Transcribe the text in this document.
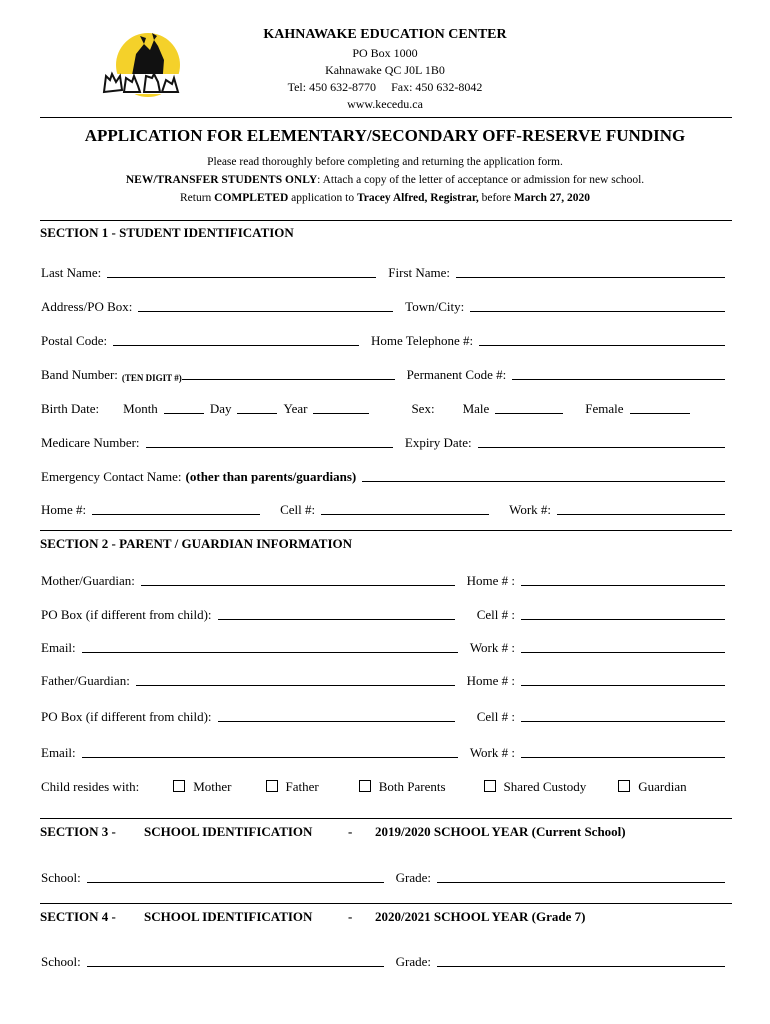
KAHNAWAKE EDUCATION CENTER
PO Box 1000
Kahnawake QC J0L 1B0
Tel: 450 632-8770 Fax: 450 632-8042
www.kecedu.ca
APPLICATION FOR ELEMENTARY/SECONDARY OFF-RESERVE FUNDING
Please read thoroughly before completing and returning the application form.
NEW/TRANSFER STUDENTS ONLY: Attach a copy of the letter of acceptance or admission for new school.
Return COMPLETED application to Tracey Alfred, Registrar, before March 27, 2020
SECTION 1 - STUDENT IDENTIFICATION
Last Name:	First Name:
Address/PO Box:	Town/City:
Postal Code:	Home Telephone #:
Band Number: (TEN DIGIT #)	Permanent Code #:
Birth Date: Month	Day	Year	Sex: Male	Female
Medicare Number:	Expiry Date:
Emergency Contact Name: (other than parents/guardians)
Home #:	Cell #:	Work #:
SECTION 2 - PARENT / GUARDIAN INFORMATION
Mother/Guardian:	Home # :
PO Box (if different from child):	Cell # :
Email:	Work # :
Father/Guardian:	Home # :
PO Box (if different from child):	Cell # :
Email:	Work # :
Child resides with:	Mother	Father	Both Parents	Shared Custody	Guardian
SECTION 3 - SCHOOL IDENTIFICATION	- 2019/2020 SCHOOL YEAR (Current School)
School:	Grade:
SECTION 4 - SCHOOL IDENTIFICATION	- 2020/2021 SCHOOL YEAR (Grade 7)
School:	Grade:
